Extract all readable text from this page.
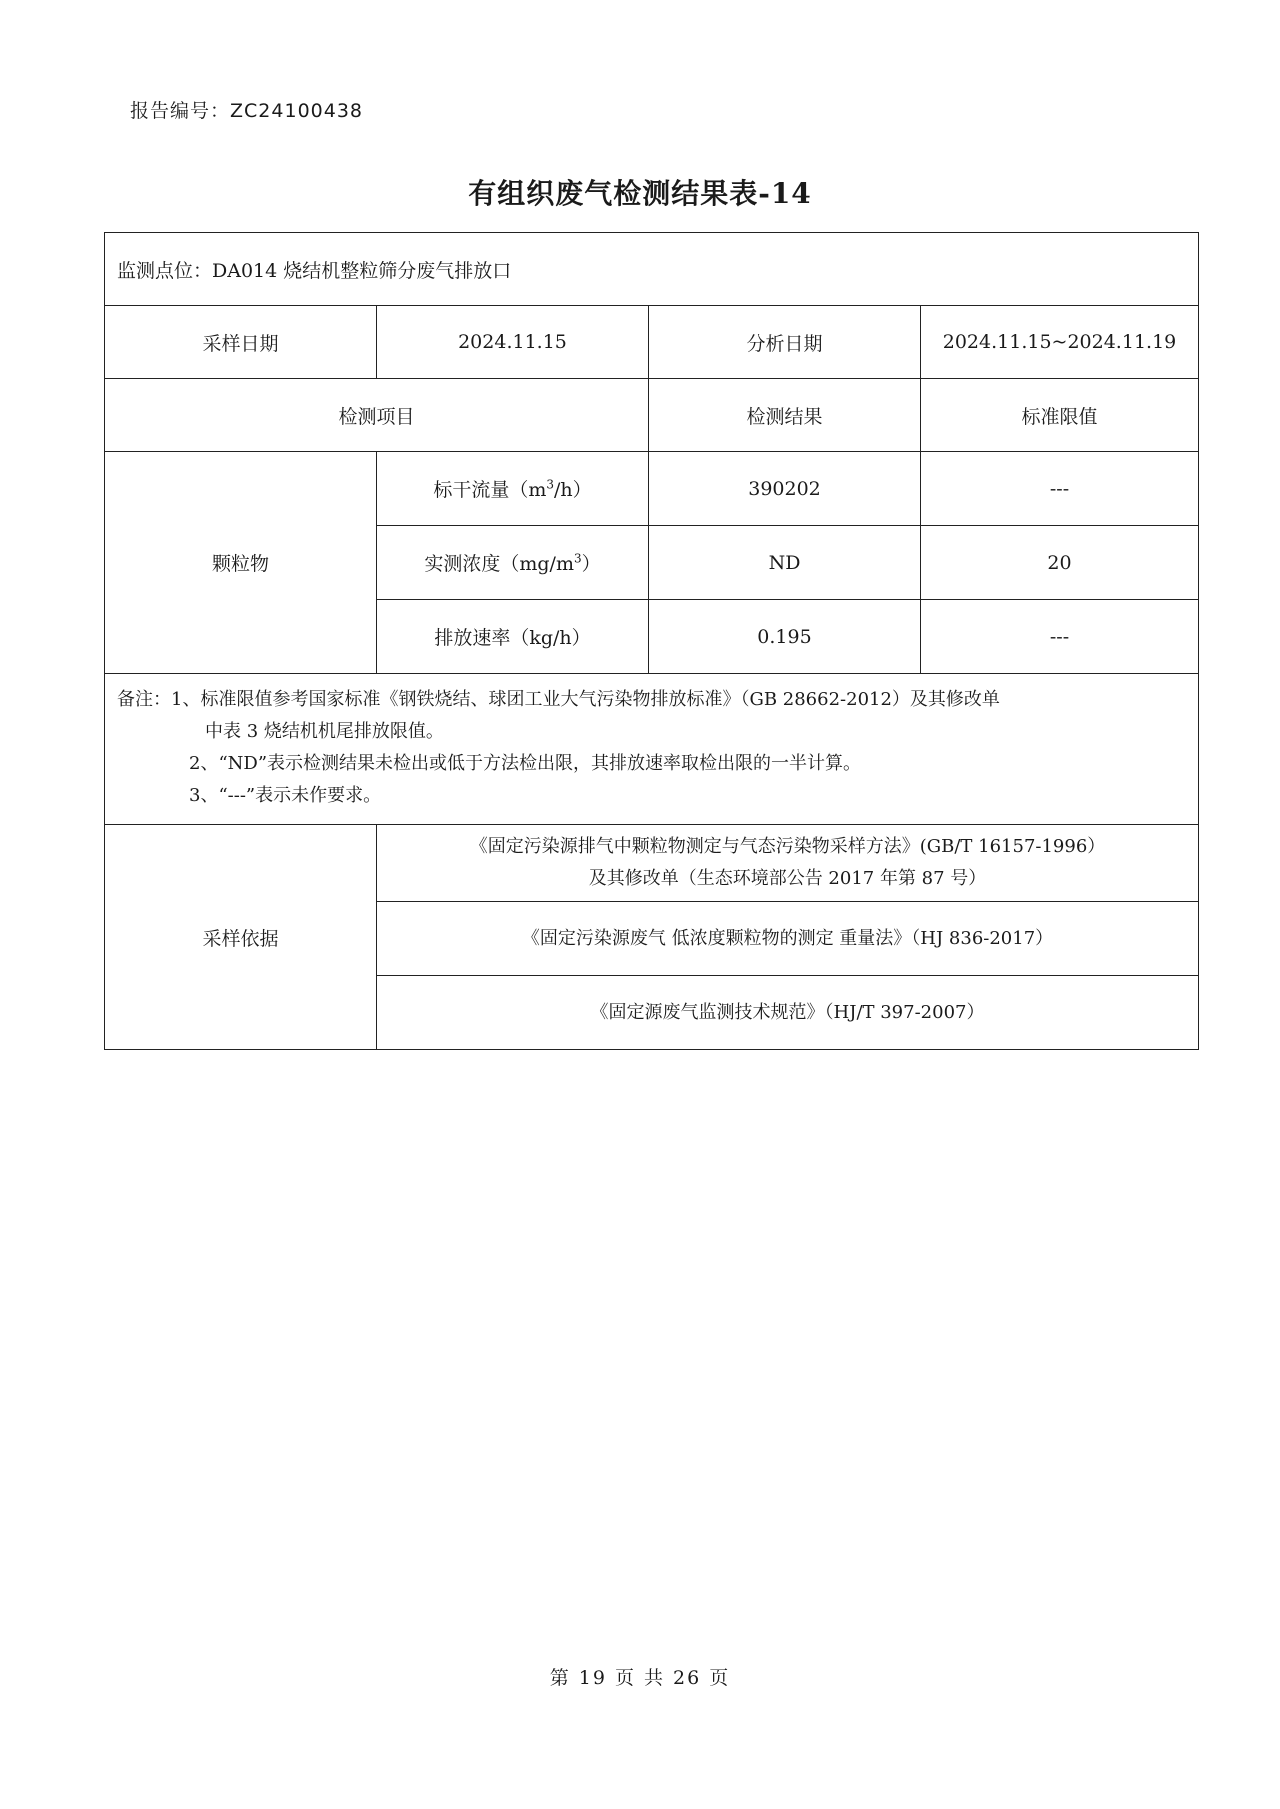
报告编号：ZC24100438
有组织废气检测结果表-14
监测点位：DA014 烧结机整粒筛分废气排放口			
采样日期	2024.11.15	分析日期	2024.11.15~2024.11.19
检测项目		检测结果	标准限值
颗粒物	标干流量$(m^3/h)$	390202	---
	实测浓度$(mg/m^3)$	ND	20
	排放速率（kg/h）	0.195	---

备注：1、标准限值参考国家标准《钢铁烧结、球团工业大气污染物排放标准》（GB 28662-2012）及其修改单
中表 3 烧结机机尾排放限值。
2、“ND”表示检测结果未检出或低于方法检出限，其排放速率取检出限的一半计算。
3、“---”表示未作要求。			

采样依据	《固定污染源排气中颗粒物测定与气态污染物采样方法》(GB/T 16157-1996）
及其修改单（生态环境部公告 2017 年第 87 号）		

	《固定污染源废气 低浓度颗粒物的测定 重量法》（HJ 836-2017）		
	《固定源废气监测技术规范》（HJ/T 397-2007）		
第 19 页 共 26 页
